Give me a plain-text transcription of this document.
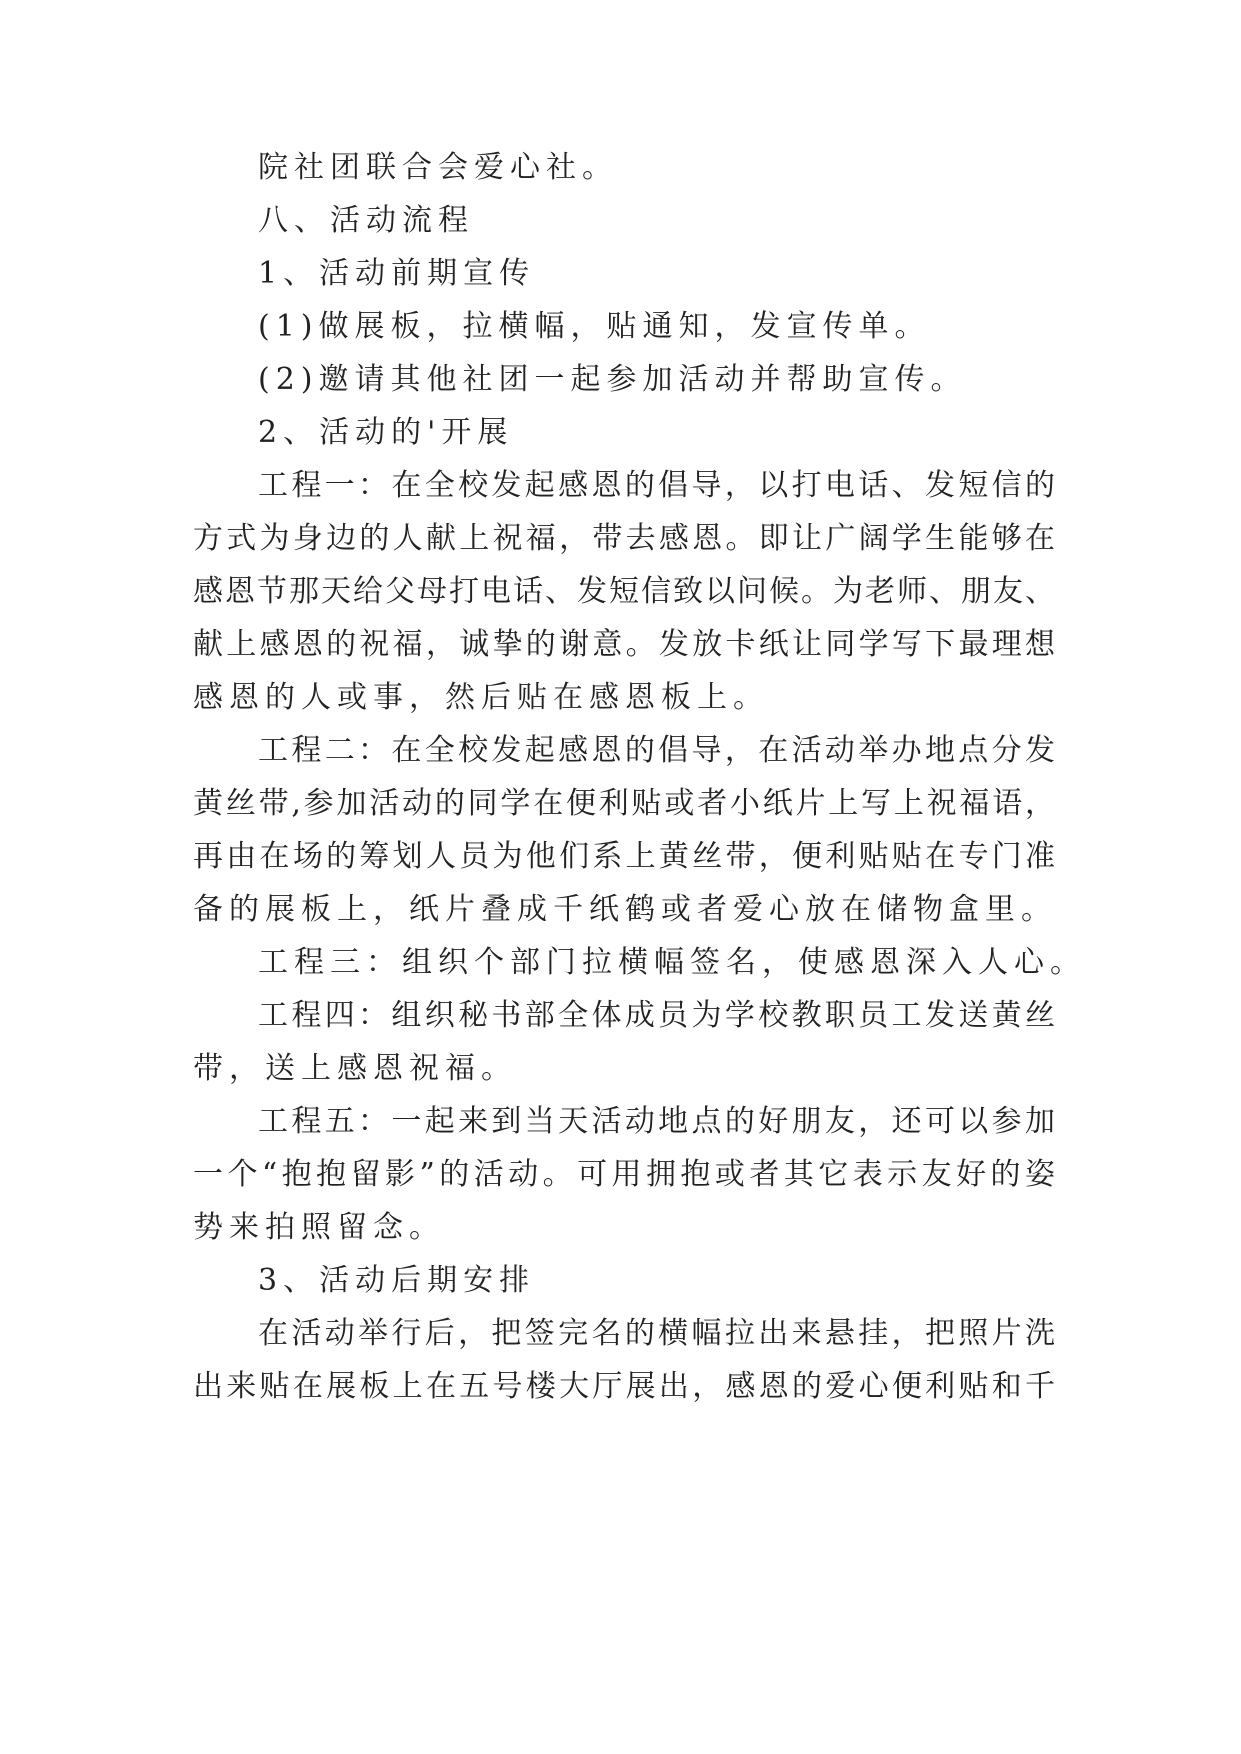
院社团联合会爱心社。
八、活动流程
1、活动前期宣传
(1)做展板，拉横幅，贴通知，发宣传单。
(2)邀请其他社团一起参加活动并帮助宣传。
2、活动的'开展
工程一：在全校发起感恩的倡导，以打电话、发短信的
方式为身边的人献上祝福，带去感恩。即让广阔学生能够在
感恩节那天给父母打电话、发短信致以问候。为老师、朋友、
献上感恩的祝福，诚挚的谢意。发放卡纸让同学写下最理想
感恩的人或事，然后贴在感恩板上。
工程二：在全校发起感恩的倡导，在活动举办地点分发
黄丝带,参加活动的同学在便利贴或者小纸片上写上祝福语，
再由在场的筹划人员为他们系上黄丝带，便利贴贴在专门准
备的展板上，纸片叠成千纸鹤或者爱心放在储物盒里。
工程三：组织个部门拉横幅签名，使感恩深入人心。
工程四：组织秘书部全体成员为学校教职员工发送黄丝
带，送上感恩祝福。
工程五：一起来到当天活动地点的好朋友，还可以参加
一个“抱抱留影”的活动。可用拥抱或者其它表示友好的姿
势来拍照留念。
3、活动后期安排
在活动举行后，把签完名的横幅拉出来悬挂，把照片洗
出来贴在展板上在五号楼大厅展出，感恩的爱心便利贴和千
